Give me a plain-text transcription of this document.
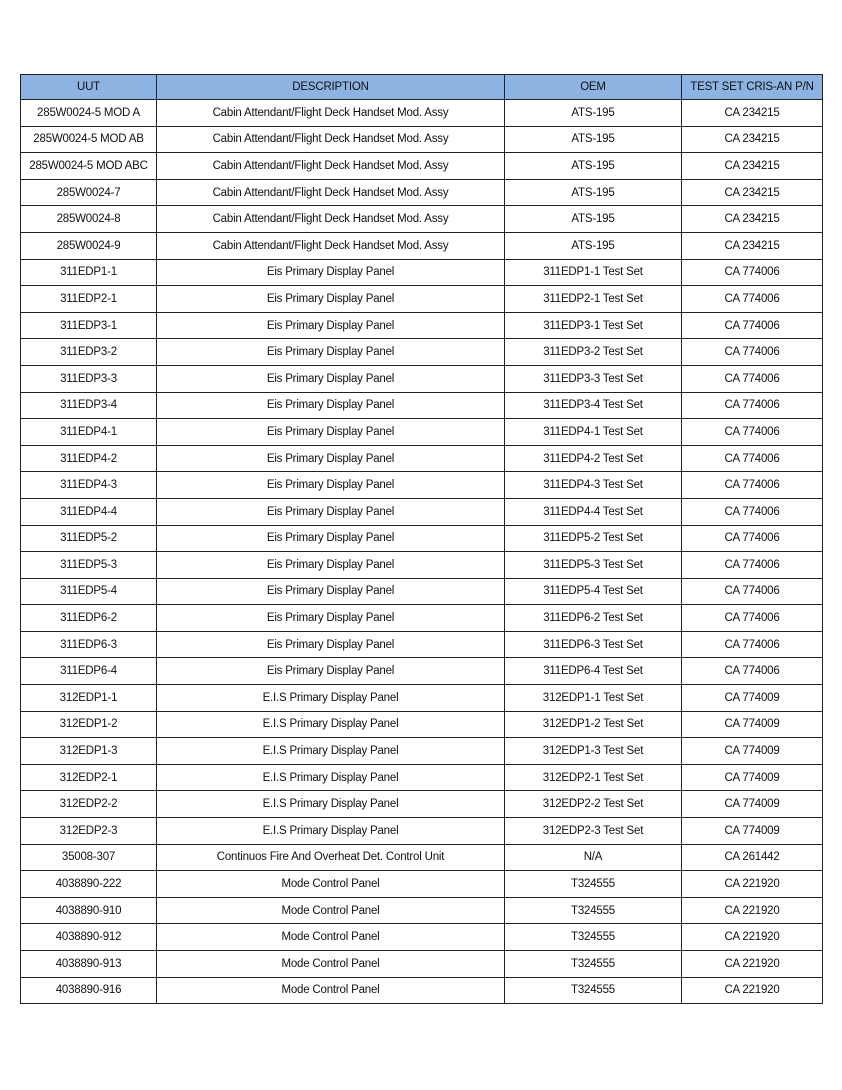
UUT	DESCRIPTION	OEM	TEST SET CRIS-AN P/N
285W0024-5 MOD A	Cabin Attendant/Flight Deck Handset Mod. Assy	ATS-195	CA 234215
285W0024-5 MOD AB	Cabin Attendant/Flight Deck Handset Mod. Assy	ATS-195	CA 234215
285W0024-5 MOD ABC	Cabin Attendant/Flight Deck Handset Mod. Assy	ATS-195	CA 234215
285W0024-7	Cabin Attendant/Flight Deck Handset Mod. Assy	ATS-195	CA 234215
285W0024-8	Cabin Attendant/Flight Deck Handset Mod. Assy	ATS-195	CA 234215
285W0024-9	Cabin Attendant/Flight Deck Handset Mod. Assy	ATS-195	CA 234215
311EDP1-1	Eis Primary Display Panel	311EDP1-1 Test Set	CA 774006
311EDP2-1	Eis Primary Display Panel	311EDP2-1 Test Set	CA 774006
311EDP3-1	Eis Primary Display Panel	311EDP3-1 Test Set	CA 774006
311EDP3-2	Eis Primary Display Panel	311EDP3-2 Test Set	CA 774006
311EDP3-3	Eis Primary Display Panel	311EDP3-3 Test Set	CA 774006
311EDP3-4	Eis Primary Display Panel	311EDP3-4 Test Set	CA 774006
311EDP4-1	Eis Primary Display Panel	311EDP4-1 Test Set	CA 774006
311EDP4-2	Eis Primary Display Panel	311EDP4-2 Test Set	CA 774006
311EDP4-3	Eis Primary Display Panel	311EDP4-3 Test Set	CA 774006
311EDP4-4	Eis Primary Display Panel	311EDP4-4 Test Set	CA 774006
311EDP5-2	Eis Primary Display Panel	311EDP5-2 Test Set	CA 774006
311EDP5-3	Eis Primary Display Panel	311EDP5-3 Test Set	CA 774006
311EDP5-4	Eis Primary Display Panel	311EDP5-4 Test Set	CA 774006
311EDP6-2	Eis Primary Display Panel	311EDP6-2 Test Set	CA 774006
311EDP6-3	Eis Primary Display Panel	311EDP6-3 Test Set	CA 774006
311EDP6-4	Eis Primary Display Panel	311EDP6-4 Test Set	CA 774006
312EDP1-1	E.I.S Primary Display Panel	312EDP1-1 Test Set	CA 774009
312EDP1-2	E.I.S Primary Display Panel	312EDP1-2 Test Set	CA 774009
312EDP1-3	E.I.S Primary Display Panel	312EDP1-3 Test Set	CA 774009
312EDP2-1	E.I.S Primary Display Panel	312EDP2-1 Test Set	CA 774009
312EDP2-2	E.I.S Primary Display Panel	312EDP2-2 Test Set	CA 774009
312EDP2-3	E.I.S Primary Display Panel	312EDP2-3 Test Set	CA 774009
35008-307	Continuos Fire And Overheat Det. Control Unit	N/A	CA 261442
4038890-222	Mode Control Panel	T324555	CA 221920
4038890-910	Mode Control Panel	T324555	CA 221920
4038890-912	Mode Control Panel	T324555	CA 221920
4038890-913	Mode Control Panel	T324555	CA 221920
4038890-916	Mode Control Panel	T324555	CA 221920
